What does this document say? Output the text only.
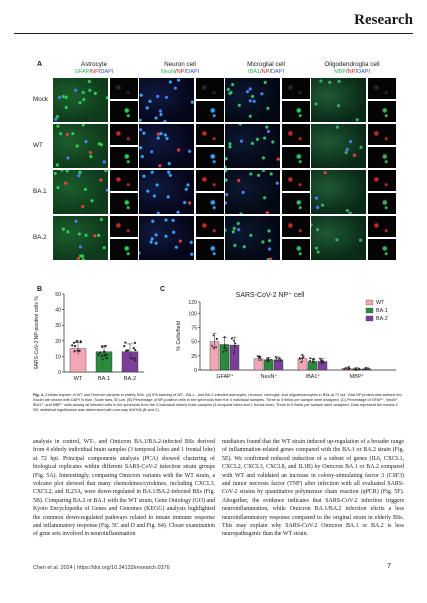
Research
A	Astrocyte
GFAP/NP/DAPI
Neuron cell
NeuN/NP/DAPI
Microglial cell
IBA1/NP/DAPI
Oligodendroglia cell
MBP/NP/DAPI
Mock
WT
BA.1
BA.2
B	C
0
10
20
30
40
50
SARS-CoV-2 NP-positive cells %
WT	BA.1 BA.2
SARS-CoV-2 NP⁺ cell
0
25
50
75
100
120
% Cells/field
GFAP⁺	NeuN⁺	IBA1⁺	MBP⁺
WT
BA.1
BA.2
Fig. 4. Cellular tropism of WT and Omicron variants in elderly BSs. (A) IFA staining of WT-, BA.1-, and BA.2-infected astrocytes, neurons, microglia, and oligodendrocytes in BSs at 72 hpi. Viral NP protein was stained red. Nuclei are shown with DAPI in blue. Scale bars, 50 μm. (B) Percentage of NP-positive cells in the spheroids from the 4 individual samples. Three to 5 fields per sample were analyzed. (C) Percentage of GFAP⁺, NeuN⁺, IBA1⁺, and MBP⁺ cells among all infected cells in the spheroids from the 4 individual elderly brain samples (3 temporal lobes and 1 frontal lobe). Three to 5 fields per sample were analyzed. Data represent the means ± SD; statistical significance was determined with one-way ANOVA (B and C).
analysis in control, WT-, and Omicron BA.1/BA.2-infected BSs derived from 4 elderly individual brain samples (3 temporal lobes and 1 frontal lobe) at 72 hpi. Principal components analysis (PCA) showed clustering of biological replicates within different SARS-CoV-2 infection strain groups (Fig. 5A). Interestingly, comparing Omicron variants with the WT strain, a volcano plot showed that many chemokines/cytokines, including CXCL3, CXCL2, and IL23A, were down-regulated in BA.1/BA.2-infected BSs (Fig. 5B). Comparing BA.2 or BA.1 with the WT strain, Gene Ontology (GO) and Kyoto Encyclopedia of Genes and Genomes (KEGG) analysis highlighted the common down-regulated pathways related to innate immune response and inflammatory response (Fig. 5C and D and Fig. S4). Closer examination of gene sets involved in neuroinflammation
mediators found that the WT strain induced up-regulation of a broader range of inflammation-related genes compared with the BA.1 or BA.2 strain (Fig. 5E). We confirmed reduced induction of a subset of genes (IL6, CXCL1, CXCL2, CXCL3, CXCL8, and IL1B) by Omicron BA.1 or BA.2 compared with WT and validated an increase in colony-stimulating factor 3 (CSF3) and tumor necrosis factor (TNF) after infection with all evaluated SARS-CoV-2 strains by quantitative polymerase chain reaction (qPCR) (Fig. 5F). Altogether, the evidence indicates that SARS-CoV-2 infection triggers neuroinflammation, while Omicron BA.1/BA.2 infection elicits a less neuroinflammatory response compared to the original strain in elderly BSs. This may explain why SARS-CoV-2 Omicron BA.1 or BA.2 is less neuropathogenic than the WT strain.
Chen et al. 2024 | https://doi.org/10.34133/research.0376	7
